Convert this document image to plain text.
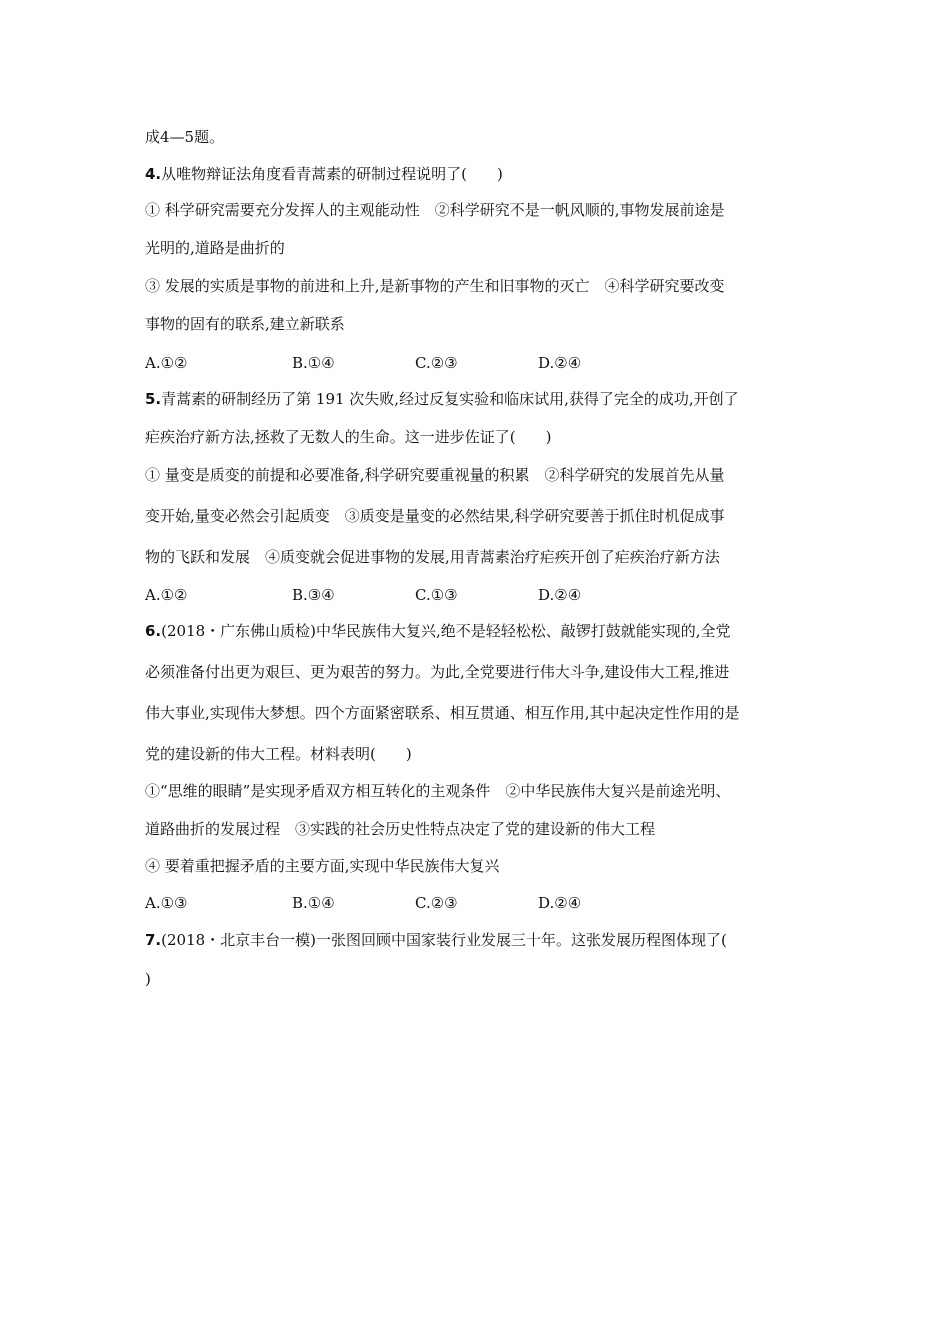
成4—5题。
4.从唯物辩证法角度看青蒿素的研制过程说明了(　　)
① 科学研究需要充分发挥人的主观能动性　②科学研究不是一帆风顺的,事物发展前途是
光明的,道路是曲折的
③ 发展的实质是事物的前进和上升,是新事物的产生和旧事物的灭亡　④科学研究要改变
事物的固有的联系,建立新联系
A.①②	B.①④	C.②③	D.②④
5.青蒿素的研制经历了第 191 次失败,经过反复实验和临床试用,获得了完全的成功,开创了
疟疾治疗新方法,拯救了无数人的生命。这一进步佐证了(　　)
① 量变是质变的前提和必要准备,科学研究要重视量的积累　②科学研究的发展首先从量
变开始,量变必然会引起质变　③质变是量变的必然结果,科学研究要善于抓住时机促成事
物的飞跃和发展　④质变就会促进事物的发展,用青蒿素治疗疟疾开创了疟疾治疗新方法
A.①②	B.③④	C.①③	D.②④
6.(2018・广东佛山质检)中华民族伟大复兴,绝不是轻轻松松、敲锣打鼓就能实现的,全党
必须准备付出更为艰巨、更为艰苦的努力。为此,全党要进行伟大斗争,建设伟大工程,推进
伟大事业,实现伟大梦想。四个方面紧密联系、相互贯通、相互作用,其中起决定性作用的是
党的建设新的伟大工程。材料表明(　　)
①“思维的眼睛”是实现矛盾双方相互转化的主观条件　②中华民族伟大复兴是前途光明、
道路曲折的发展过程　③实践的社会历史性特点决定了党的建设新的伟大工程
④ 要着重把握矛盾的主要方面,实现中华民族伟大复兴
A.①③	B.①④	C.②③	D.②④
7.(2018・北京丰台一模)一张图回顾中国家装行业发展三十年。这张发展历程图体现了(
)
